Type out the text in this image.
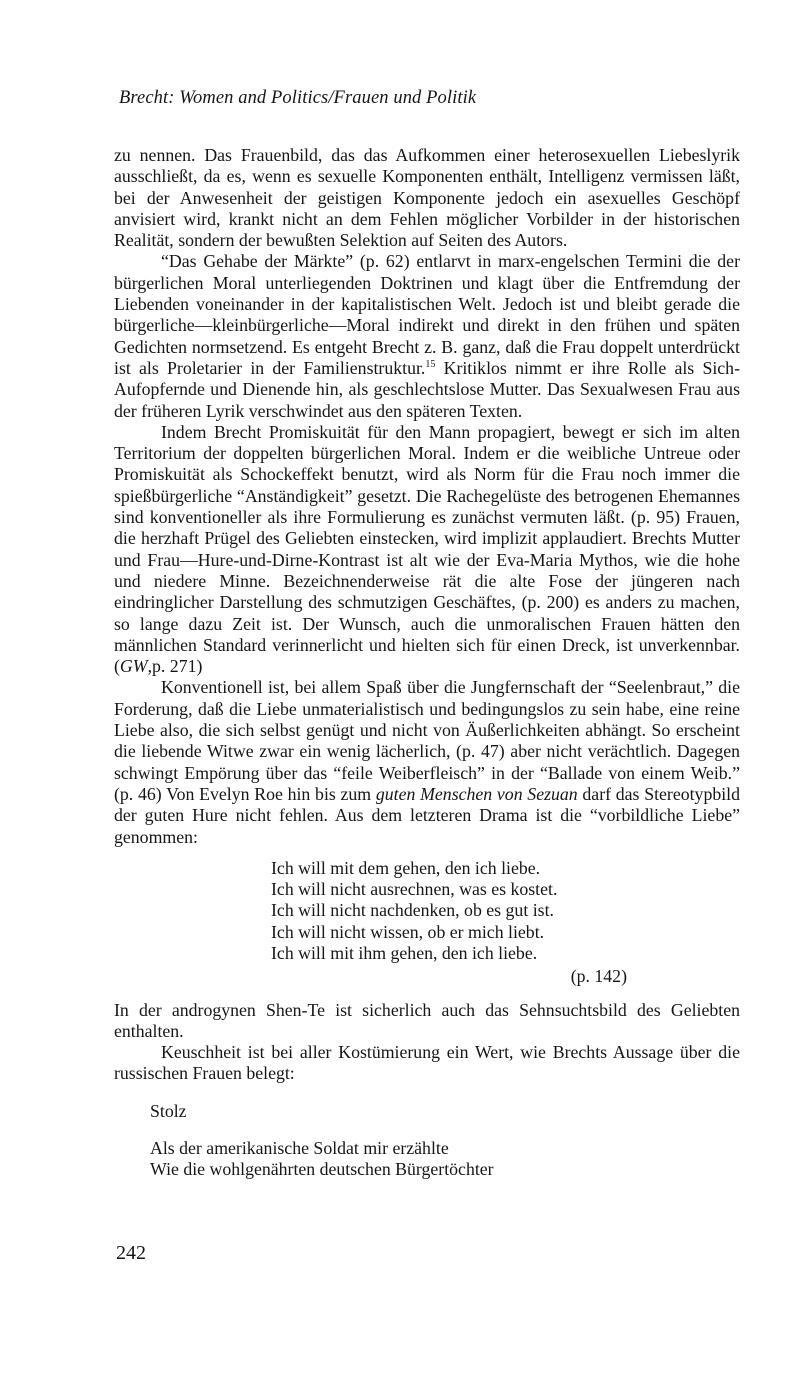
Brecht: Women and Politics/Frauen und Politik

zu nennen. Das Frauenbild, das das Aufkommen einer heterosexuellen Liebeslyrik ausschließt, da es, wenn es sexuelle Komponenten enthält, Intelligenz vermissen läßt, bei der Anwesenheit der geistigen Komponente jedoch ein asexuelles Geschöpf anvisiert wird, krankt nicht an dem Fehlen möglicher Vorbilder in der historischen Realität, sondern der bewußten Selektion auf Seiten des Autors.

“Das Gehabe der Märkte” (p. 62) entlarvt in marx-engelschen Termini die der bürgerlichen Moral unterliegenden Doktrinen und klagt über die Entfremdung der Liebenden voneinander in der kapitalistischen Welt. Jedoch ist und bleibt gerade die bürgerliche—kleinbürgerliche—Moral indirekt und direkt in den frühen und späten Gedichten normsetzend. Es entgeht Brecht z. B. ganz, daß die Frau doppelt unterdrückt ist als Proletarier in der Familienstruktur.$^{15}$ Kritiklos nimmt er ihre Rolle als Sich-Aufopfernde und Dienende hin, als geschlechtslose Mutter. Das Sexualwesen Frau aus der früheren Lyrik verschwindet aus den späteren Texten.

Indem Brecht Promiskuität für den Mann propagiert, bewegt er sich im alten Territorium der doppelten bürgerlichen Moral. Indem er die weibliche Untreue oder Promiskuität als Schockeffekt benutzt, wird als Norm für die Frau noch immer die spießbürgerliche “Anständigkeit” gesetzt. Die Rachegelüste des betrogenen Ehemannes sind konventioneller als ihre Formulierung es zunächst vermuten läßt. (p. 95) Frauen, die herzhaft Prügel des Geliebten einstecken, wird implizit applaudiert. Brechts Mutter und Frau—Hure-und-Dirne-Kontrast ist alt wie der Eva-Maria Mythos, wie die hohe und niedere Minne. Bezeichnenderweise rät die alte Fose der jüngeren nach eindringlicher Darstellung des schmutzigen Geschäftes, (p. 200) es anders zu machen, so lange dazu Zeit ist. Der Wunsch, auch die unmoralischen Frauen hätten den männlichen Standard verinnerlicht und hielten sich für einen Dreck, ist unverkennbar. (GW,p. 271)

Konventionell ist, bei allem Spaß über die Jungfernschaft der “Seelenbraut,” die Forderung, daß die Liebe unmaterialistisch und bedingungslos zu sein habe, eine reine Liebe also, die sich selbst genügt und nicht von Äußerlichkeiten abhängt. So erscheint die liebende Witwe zwar ein wenig lächerlich, (p. 47) aber nicht verächtlich. Dagegen schwingt Empörung über das “feile Weiberfleisch” in der “Ballade von einem Weib.” (p. 46) Von Evelyn Roe hin bis zum guten Menschen von Sezuan darf das Stereotypbild der guten Hure nicht fehlen. Aus dem letzteren Drama ist die “vorbildliche Liebe” genommen:

Ich will mit dem gehen, den ich liebe.
Ich will nicht ausrechnen, was es kostet.
Ich will nicht nachdenken, ob es gut ist.
Ich will nicht wissen, ob er mich liebt.
Ich will mit ihm gehen, den ich liebe.
(p. 142)

In der androgynen Shen-Te ist sicherlich auch das Sehnsuchtsbild des Geliebten enthalten.

Keuschheit ist bei aller Kostümierung ein Wert, wie Brechts Aussage über die russischen Frauen belegt:

Stolz
Als der amerikanische Soldat mir erzählte
Wie die wohlgenährten deutschen Bürgertöchter
242
